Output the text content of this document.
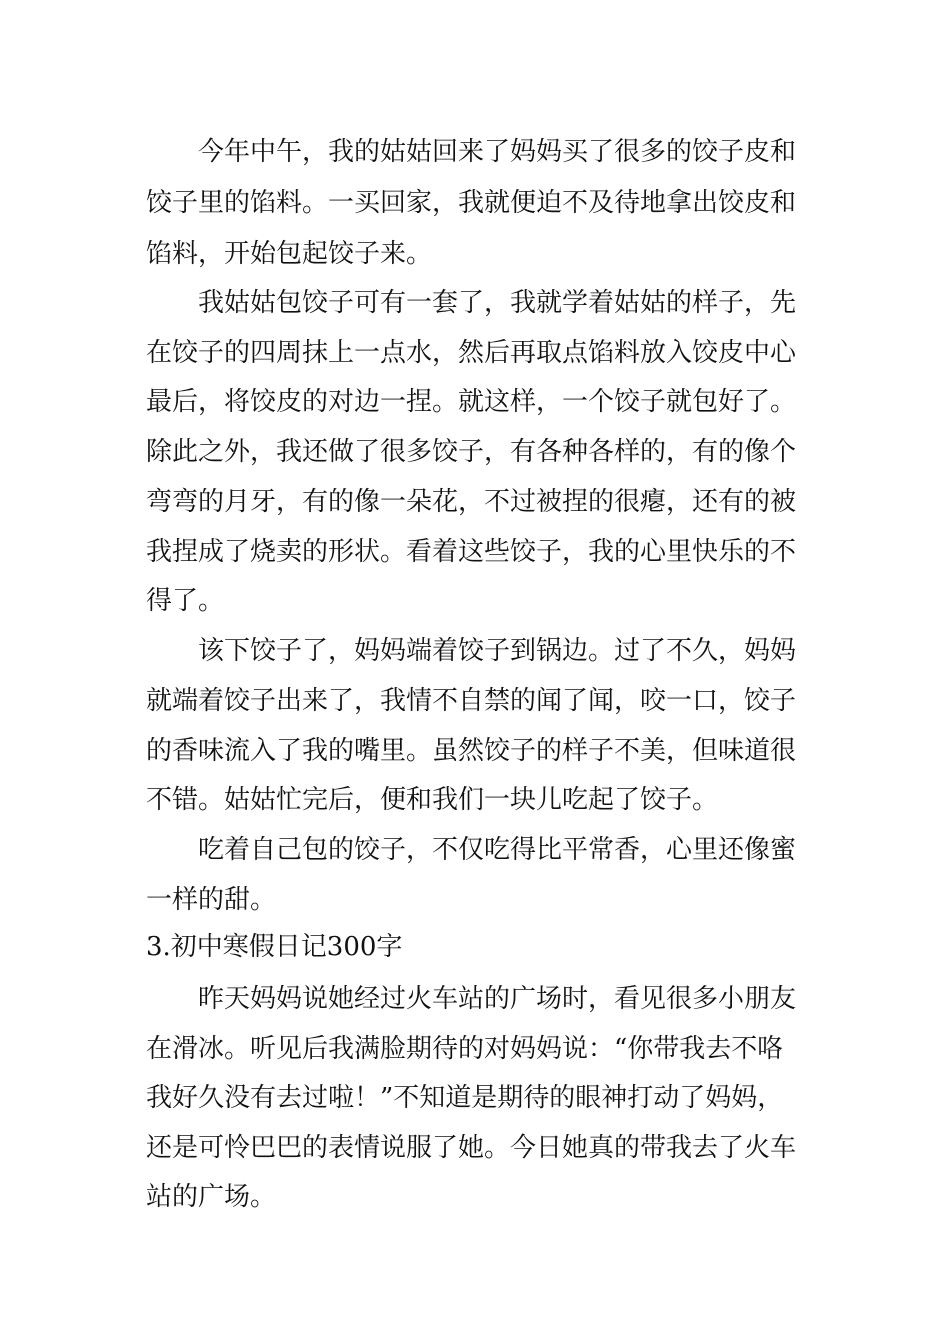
今年中午，我的姑姑回来了妈妈买了很多的饺子皮和
饺子里的馅料。一买回家，我就便迫不及待地拿出饺皮和
馅料，开始包起饺子来。
我姑姑包饺子可有一套了，我就学着姑姑的样子，先
在饺子的四周抹上一点水，然后再取点馅料放入饺皮中心
最后，将饺皮的对边一捏。就这样，一个饺子就包好了。
除此之外，我还做了很多饺子，有各种各样的，有的像个
弯弯的月牙，有的像一朵花，不过被捏的很瘪，还有的被
我捏成了烧卖的形状。看着这些饺子，我的心里快乐的不
得了。
该下饺子了，妈妈端着饺子到锅边。过了不久，妈妈
就端着饺子出来了，我情不自禁的闻了闻，咬一口，饺子
的香味流入了我的嘴里。虽然饺子的样子不美，但味道很
不错。姑姑忙完后，便和我们一块儿吃起了饺子。
吃着自己包的饺子，不仅吃得比平常香，心里还像蜜
一样的甜。
3.初中寒假日记300字
昨天妈妈说她经过火车站的广场时，看见很多小朋友
在滑冰。听见后我满脸期待的对妈妈说：“你带我去不咯
我好久没有去过啦！”不知道是期待的眼神打动了妈妈，
还是可怜巴巴的表情说服了她。今日她真的带我去了火车
站的广场。
